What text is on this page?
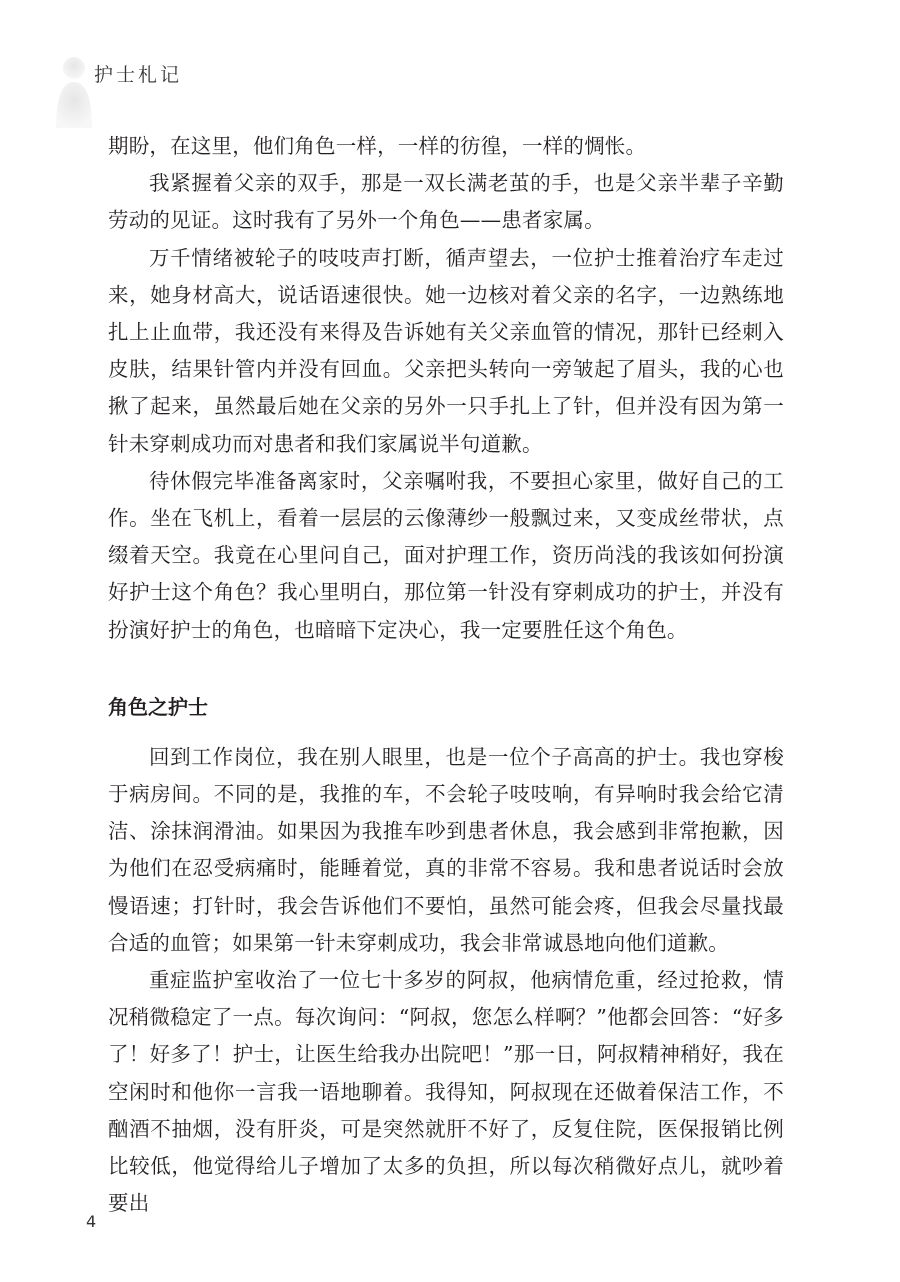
护士札记

期盼，在这里，他们角色一样，一样的彷徨，一样的惆怅。

我紧握着父亲的双手，那是一双长满老茧的手，也是父亲半辈子辛勤劳动的见证。这时我有了另外一个角色——患者家属。

万千情绪被轮子的吱吱声打断，循声望去，一位护士推着治疗车走过来，她身材高大，说话语速很快。她一边核对着父亲的名字，一边熟练地扎上止血带，我还没有来得及告诉她有关父亲血管的情况，那针已经刺入皮肤，结果针管内并没有回血。父亲把头转向一旁皱起了眉头，我的心也揪了起来，虽然最后她在父亲的另外一只手扎上了针，但并没有因为第一针未穿刺成功而对患者和我们家属说半句道歉。

待休假完毕准备离家时，父亲嘱咐我，不要担心家里，做好自己的工作。坐在飞机上，看着一层层的云像薄纱一般飘过来，又变成丝带状，点缀着天空。我竟在心里问自己，面对护理工作，资历尚浅的我该如何扮演好护士这个角色？我心里明白，那位第一针没有穿刺成功的护士，并没有扮演好护士的角色，也暗暗下定决心，我一定要胜任这个角色。

角色之护士

回到工作岗位，我在别人眼里，也是一位个子高高的护士。我也穿梭于病房间。不同的是，我推的车，不会轮子吱吱响，有异响时我会给它清洁、涂抹润滑油。如果因为我推车吵到患者休息，我会感到非常抱歉，因为他们在忍受病痛时，能睡着觉，真的非常不容易。我和患者说话时会放慢语速；打针时，我会告诉他们不要怕，虽然可能会疼，但我会尽量找最合适的血管；如果第一针未穿刺成功，我会非常诚恳地向他们道歉。

重症监护室收治了一位七十多岁的阿叔，他病情危重，经过抢救，情况稍微稳定了一点。每次询问：“阿叔，您怎么样啊？”他都会回答：“好多了！好多了！护士，让医生给我办出院吧！”那一日，阿叔精神稍好，我在空闲时和他你一言我一语地聊着。我得知，阿叔现在还做着保洁工作，不酗酒不抽烟，没有肝炎，可是突然就肝不好了，反复住院，医保报销比例比较低，他觉得给儿子增加了太多的负担，所以每次稍微好点儿，就吵着要出

4
